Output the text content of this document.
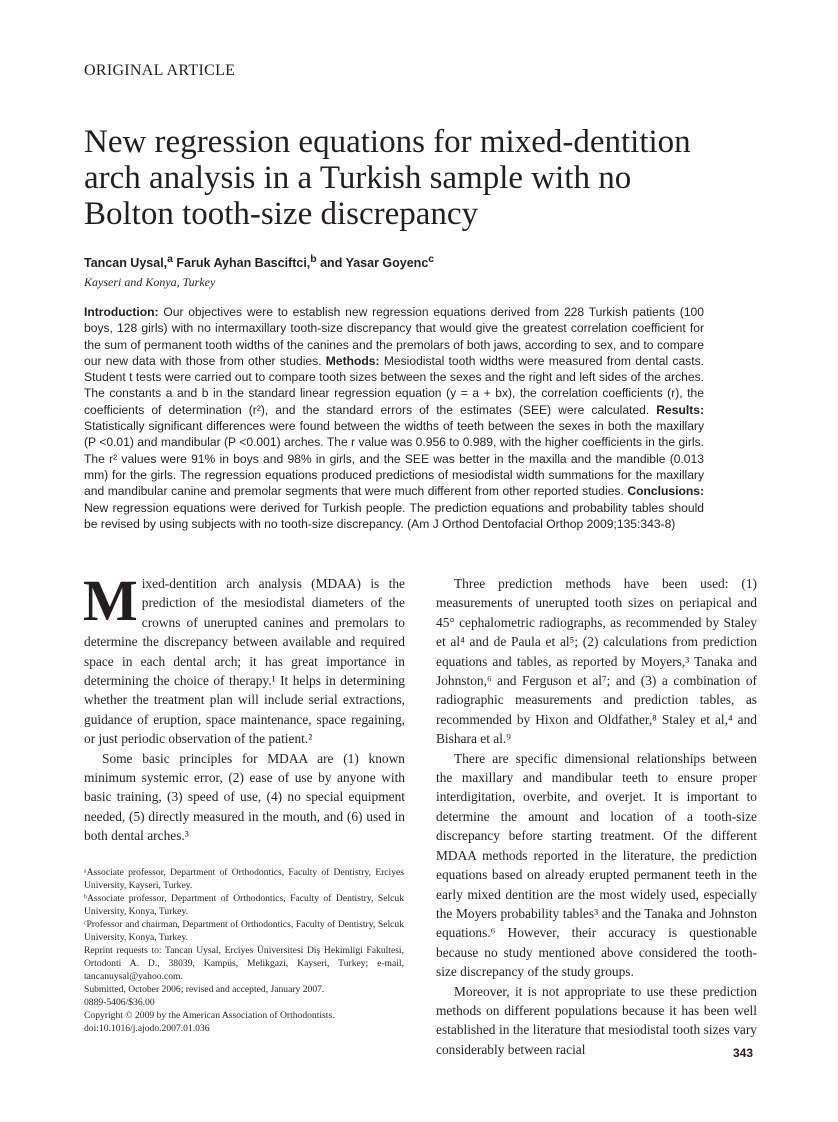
ORIGINAL ARTICLE
New regression equations for mixed-dentition arch analysis in a Turkish sample with no Bolton tooth-size discrepancy
Tancan Uysal,$^a$ Faruk Ayhan Basciftci,$^b$ and Yasar Goyenc$^c$
Kayseri and Konya, Turkey
Introduction: Our objectives were to establish new regression equations derived from 228 Turkish patients (100 boys, 128 girls) with no intermaxillary tooth-size discrepancy that would give the greatest correlation coefficient for the sum of permanent tooth widths of the canines and the premolars of both jaws, according to sex, and to compare our new data with those from other studies. Methods: Mesiodistal tooth widths were measured from dental casts. Student t tests were carried out to compare tooth sizes between the sexes and the right and left sides of the arches. The constants a and b in the standard linear regression equation (y = a + bx), the correlation coefficients (r), the coefficients of determination (r²), and the standard errors of the estimates (SEE) were calculated. Results: Statistically significant differences were found between the widths of teeth between the sexes in both the maxillary (P <0.01) and mandibular (P <0.001) arches. The r value was 0.956 to 0.989, with the higher coefficients in the girls. The r² values were 91% in boys and 98% in girls, and the SEE was better in the maxilla and the mandible (0.013 mm) for the girls. The regression equations produced predictions of mesiodistal width summations for the maxillary and mandibular canine and premolar segments that were much different from other reported studies. Conclusions: New regression equations were derived for Turkish people. The prediction equations and probability tables should be revised by using subjects with no tooth-size discrepancy. (Am J Orthod Dentofacial Orthop 2009;135:343-8)

Mixed-dentition arch analysis (MDAA) is the prediction of the mesiodistal diameters of the crowns of unerupted canines and premolars to determine the discrepancy between available and required space in each dental arch; it has great importance in determining the choice of therapy.¹ It helps in determining whether the treatment plan will include serial extractions, guidance of eruption, space maintenance, space regaining, or just periodic observation of the patient.²

Some basic principles for MDAA are (1) known minimum systemic error, (2) ease of use by anyone with basic training, (3) speed of use, (4) no special equipment needed, (5) directly measured in the mouth, and (6) used in both dental arches.³

Three prediction methods have been used: (1) measurements of unerupted tooth sizes on periapical and 45° cephalometric radiographs, as recommended by Staley et al⁴ and de Paula et al⁵; (2) calculations from prediction equations and tables, as reported by Moyers,³ Tanaka and Johnston,⁶ and Ferguson et al⁷; and (3) a combination of radiographic measurements and prediction tables, as recommended by Hixon and Oldfather,⁸ Staley et al,⁴ and Bishara et al.⁹

There are specific dimensional relationships between the maxillary and mandibular teeth to ensure proper interdigitation, overbite, and overjet. It is important to determine the amount and location of a tooth-size discrepancy before starting treatment. Of the different MDAA methods reported in the literature, the prediction equations based on already erupted permanent teeth in the early mixed dentition are the most widely used, especially the Moyers probability tables³ and the Tanaka and Johnston equations.⁶ However, their accuracy is questionable because no study mentioned above considered the tooth-size discrepancy of the study groups.

Moreover, it is not appropriate to use these prediction methods on different populations because it has been well established in the literature that mesiodistal tooth sizes vary considerably between racial

ᵃAssociate professor, Department of Orthodontics, Faculty of Dentistry, Erciyes University, Kayseri, Turkey.
ᵇAssociate professor, Department of Orthodontics, Faculty of Dentistry, Selcuk University, Konya, Turkey.
ᶜProfessor and chairman, Department of Orthodontics, Faculty of Dentistry, Selcuk University, Konya, Turkey.
Reprint requests to: Tancan Uysal, Erciyes Üniversitesi Diş Hekimligi Fakultesi, Ortodonti A. D., 38039, Kampüs, Melikgazi, Kayseri, Turkey; e-mail, tancanuysal@yahoo.com.
Submitted, October 2006; revised and accepted, January 2007.
0889-5406/$36.00
Copyright © 2009 by the American Association of Orthodontists.
doi:10.1016/j.ajodo.2007.01.036
343
